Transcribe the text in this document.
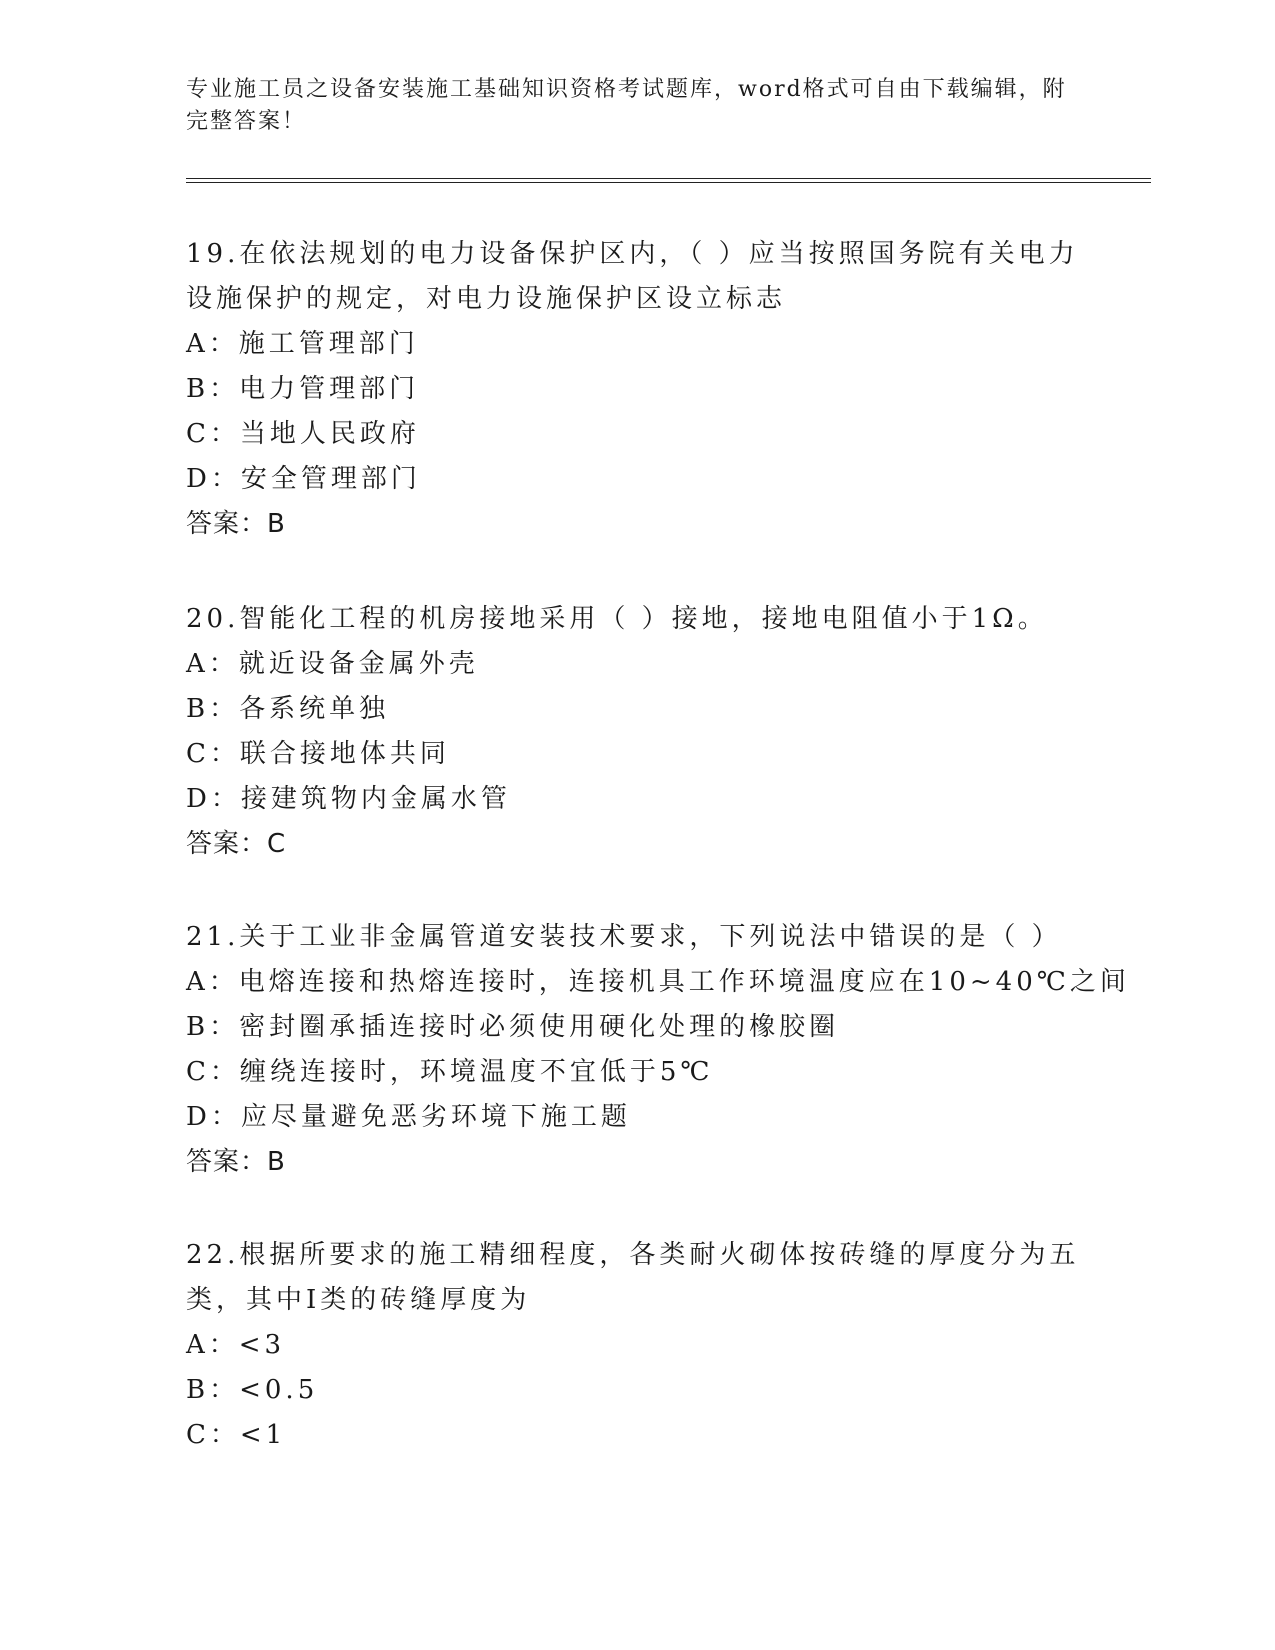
专业施工员之设备安装施工基础知识资格考试题库，word格式可自由下载编辑，附完整答案！
19.在依法规划的电力设备保护区内，（ ）应当按照国务院有关电力设施保护的规定，对电力设施保护区设立标志
A：施工管理部门
B：电力管理部门
C：当地人民政府
D：安全管理部门
答案：B
20.智能化工程的机房接地采用（ ）接地，接地电阻值小于1Ω。
A：就近设备金属外壳
B：各系统单独
C：联合接地体共同
D：接建筑物内金属水管
答案：C
21.关于工业非金属管道安装技术要求，下列说法中错误的是（ ）
A：电熔连接和热熔连接时，连接机具工作环境温度应在10~40℃之间
B：密封圈承插连接时必须使用硬化处理的橡胶圈
C：缠绕连接时，环境温度不宜低于5℃
D：应尽量避免恶劣环境下施工题
答案：B
22.根据所要求的施工精细程度，各类耐火砌体按砖缝的厚度分为五类，其中Ⅰ类的砖缝厚度为
A：<3
B：<0.5
C：<1
